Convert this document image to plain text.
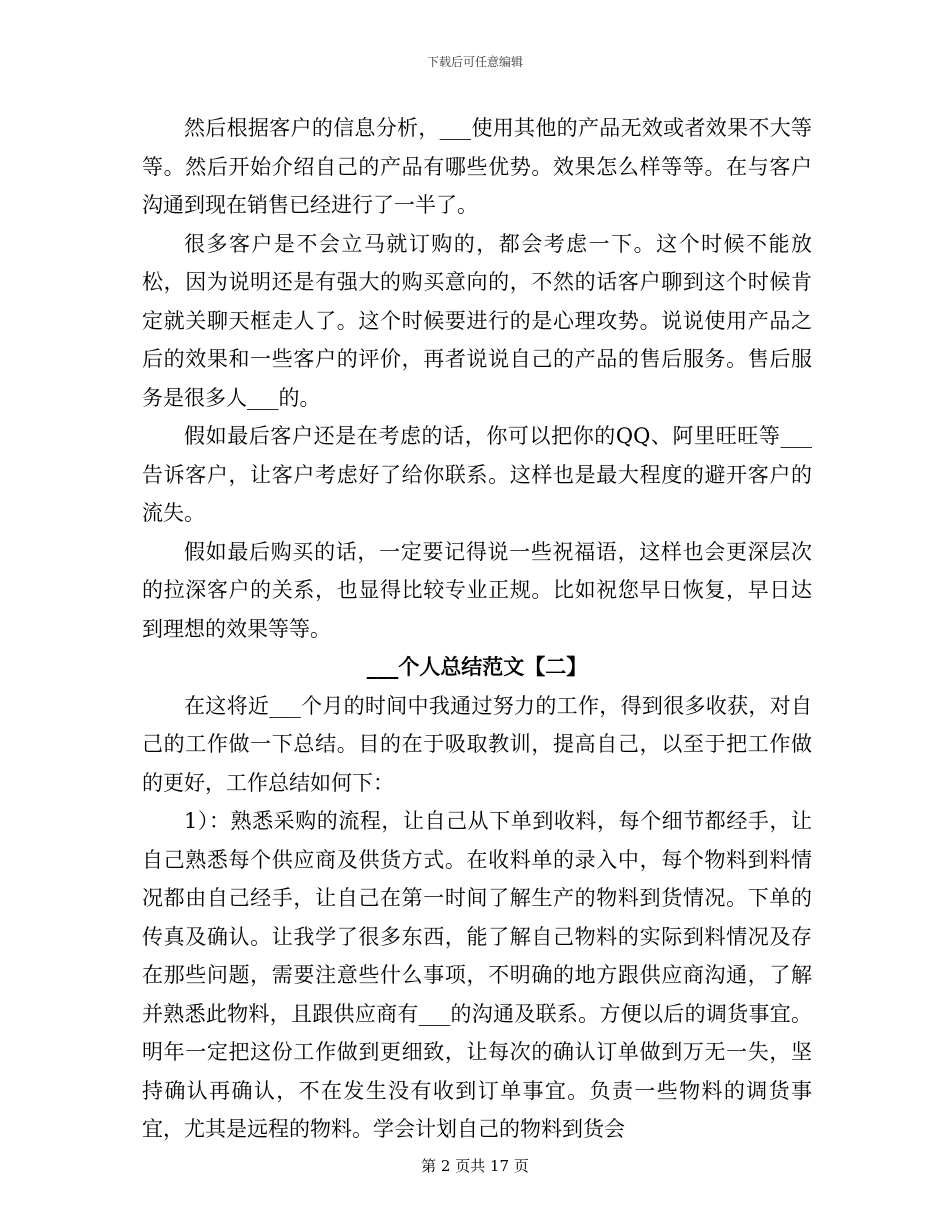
下载后可任意编辑

然后根据客户的信息分析，___使用其他的产品无效或者效果不大等等。然后开始介绍自己的产品有哪些优势。效果怎么样等等。在与客户沟通到现在销售已经进行了一半了。

很多客户是不会立马就订购的，都会考虑一下。这个时候不能放松，因为说明还是有强大的购买意向的，不然的话客户聊到这个时候肯定就关聊天框走人了。这个时候要进行的是心理攻势。说说使用产品之后的效果和一些客户的评价，再者说说自己的产品的售后服务。售后服务是很多人___的。

假如最后客户还是在考虑的话，你可以把你的QQ、阿里旺旺等___告诉客户，让客户考虑好了给你联系。这样也是最大程度的避开客户的流失。

假如最后购买的话，一定要记得说一些祝福语，这样也会更深层次的拉深客户的关系，也显得比较专业正规。比如祝您早日恢复，早日达到理想的效果等等。

___个人总结范文【二】

在这将近___个月的时间中我通过努力的工作，得到很多收获，对自己的工作做一下总结。目的在于吸取教训，提高自己，以至于把工作做的更好，工作总结如何下：

1）：熟悉采购的流程，让自己从下单到收料，每个细节都经手，让自己熟悉每个供应商及供货方式。在收料单的录入中，每个物料到料情况都由自己经手，让自己在第一时间了解生产的物料到货情况。下单的传真及确认。让我学了很多东西，能了解自己物料的实际到料情况及存在那些问题，需要注意些什么事项，不明确的地方跟供应商沟通，了解并熟悉此物料，且跟供应商有___的沟通及联系。方便以后的调货事宜。明年一定把这份工作做到更细致，让每次的确认订单做到万无一失，坚持确认再确认，不在发生没有收到订单事宜。负责一些物料的调货事宜，尤其是远程的物料。学会计划自己的物料到货会

第 2 页共 17 页
